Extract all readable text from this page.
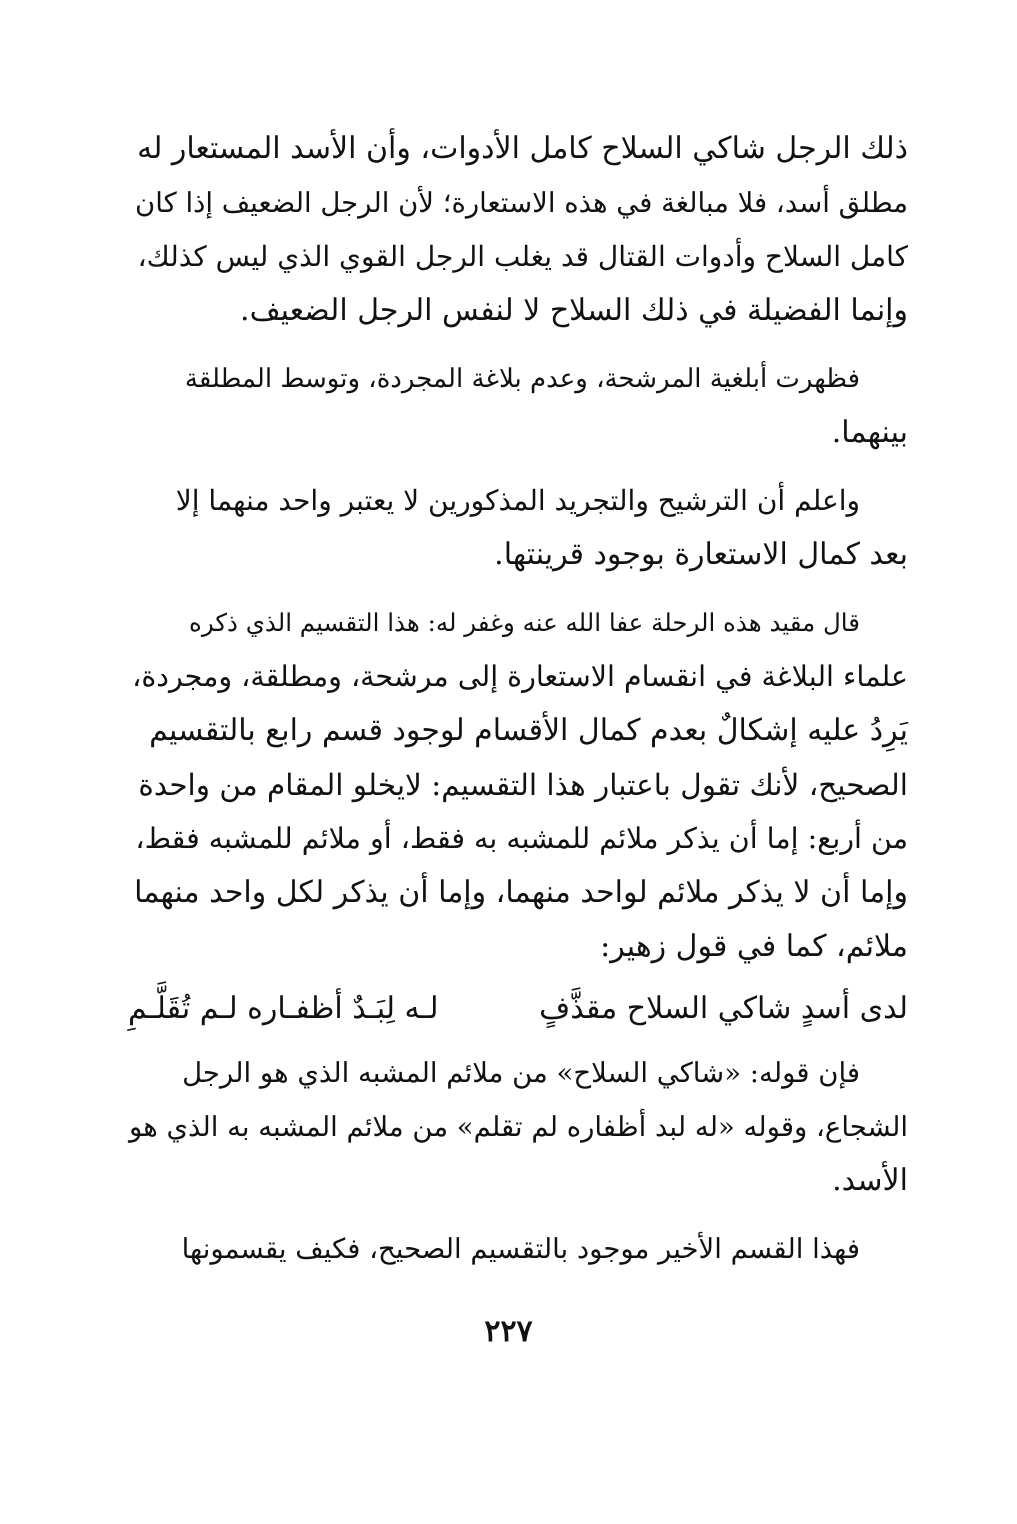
ذلك الرجل شاكي السلاح كامل الأدوات، وأن الأسد المستعار له
مطلق أسد، فلا مبالغة في هذه الاستعارة؛ لأن الرجل الضعيف إذا كان
كامل السلاح وأدوات القتال قد يغلب الرجل القوي الذي ليس كذلك،
وإنما الفضيلة في ذلك السلاح لا لنفس الرجل الضعيف.

فظهرت أبلغية المرشحة، وعدم بلاغة المجردة، وتوسط المطلقة
بينهما.

واعلم أن الترشيح والتجريد المذكورين لا يعتبر واحد منهما إلا
بعد كمال الاستعارة بوجود قرينتها.

قال مقيد هذه الرحلة عفا الله عنه وغفر له: هذا التقسيم الذي ذكره
علماء البلاغة في انقسام الاستعارة إلى مرشحة، ومطلقة، ومجردة،
يَرِدُ عليه إشكالٌ بعدم كمال الأقسام لوجود قسم رابع بالتقسيم
الصحيح، لأنك تقول باعتبار هذا التقسيم: لايخلو المقام من واحدة
من أربع: إما أن يذكر ملائم للمشبه به فقط، أو ملائم للمشبه فقط،
وإما أن لا يذكر ملائم لواحد منهما، وإما أن يذكر لكل واحد منهما
ملائم، كما في قول زهير:

لدى أسدٍ شاكي السلاح مقذَّفٍ
لـه لِبَـدٌ أظفـاره لـم تُقَلَّـمِ

فإن قوله: «شاكي السلاح» من ملائم المشبه الذي هو الرجل
الشجاع، وقوله «له لبد أظفاره لم تقلم» من ملائم المشبه به الذي هو
الأسد.

فهذا القسم الأخير موجود بالتقسيم الصحيح، فكيف يقسمونها

٢٢٧
